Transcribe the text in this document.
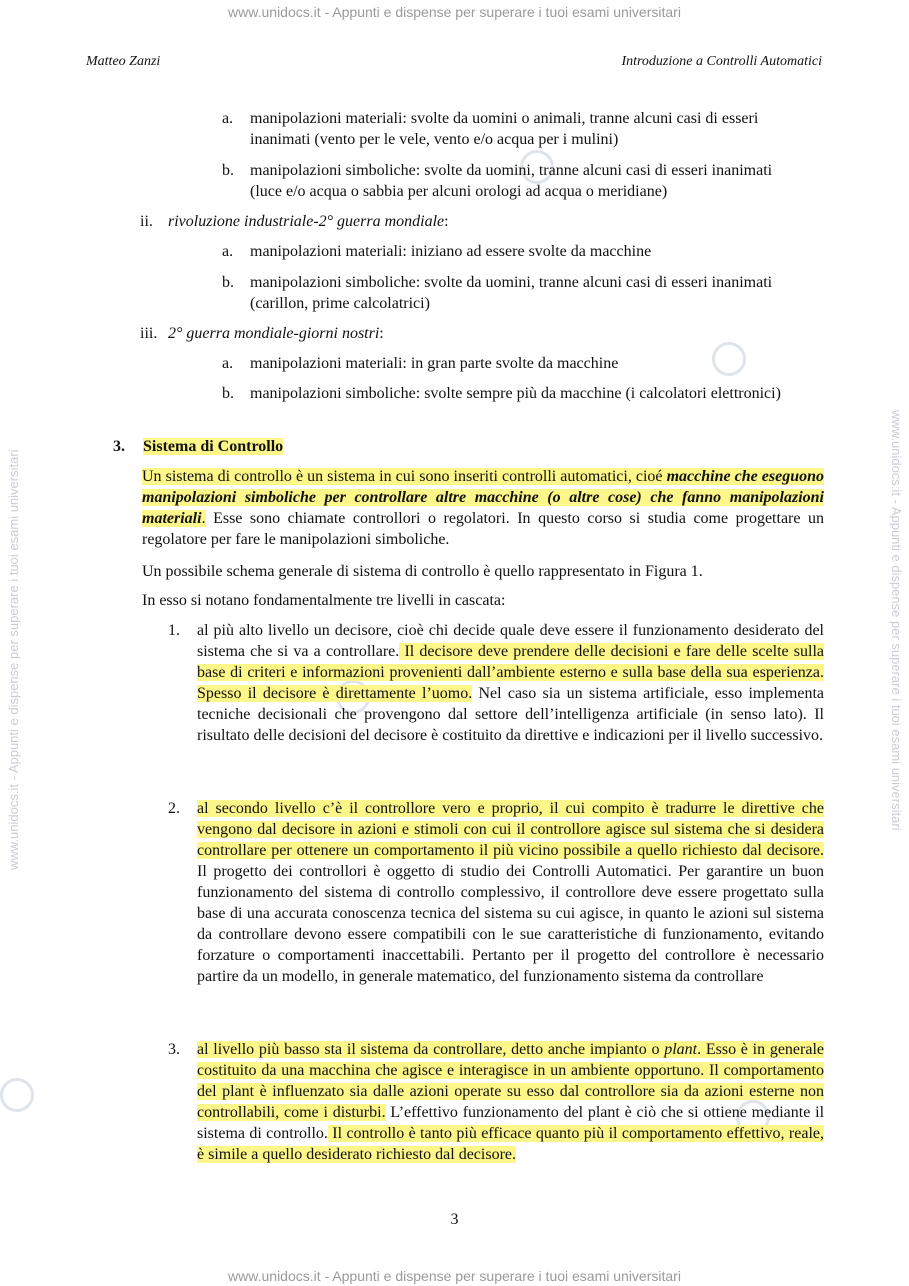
www.unidocs.it - Appunti e dispense per superare i tuoi esami universitari
www.unidocs.it - Appunti e dispense per superare i tuoi esami universitari	www.unidocs.it - Appunti e dispense per superare i tuoi esami universitari
Matteo Zanzi	Introduzione a Controlli Automatici
a. manipolazioni materiali: svolte da uomini o animali, tranne alcuni casi di esseri inanimati (vento per le vele, vento e/o acqua per i mulini)
b. manipolazioni simboliche: svolte da uomini, tranne alcuni casi di esseri inanimati (luce e/o acqua o sabbia per alcuni orologi ad acqua o meridiane)
ii. rivoluzione industriale-2° guerra mondiale:
a. manipolazioni materiali: iniziano ad essere svolte da macchine
b. manipolazioni simboliche: svolte da uomini, tranne alcuni casi di esseri inanimati (carillon, prime calcolatrici)
iii. 2° guerra mondiale-giorni nostri:
a. manipolazioni materiali: in gran parte svolte da macchine
b. manipolazioni simboliche: svolte sempre più da macchine (i calcolatori elettronici)
3. Sistema di Controllo
Un sistema di controllo è un sistema in cui sono inseriti controlli automatici, cioé macchine che eseguono manipolazioni simboliche per controllare altre macchine (o altre cose) che fanno manipolazioni materiali. Esse sono chiamate controllori o regolatori. In questo corso si studia come progettare un regolatore per fare le manipolazioni simboliche.
Un possibile schema generale di sistema di controllo è quello rappresentato in Figura 1.
In esso si notano fondamentalmente tre livelli in cascata:
1. al più alto livello un decisore, cioè chi decide quale deve essere il funzionamento desiderato del sistema che si va a controllare. Il decisore deve prendere delle decisioni e fare delle scelte sulla base di criteri e informazioni provenienti dall’ambiente esterno e sulla base della sua esperienza. Spesso il decisore è direttamente l’uomo. Nel caso sia un sistema artificiale, esso implementa tecniche decisionali che provengono dal settore dell’intelligenza artificiale (in senso lato). Il risultato delle decisioni del decisore è costituito da direttive e indicazioni per il livello successivo.
2. al secondo livello c’è il controllore vero e proprio, il cui compito è tradurre le direttive che vengono dal decisore in azioni e stimoli con cui il controllore agisce sul sistema che si desidera controllare per ottenere un comportamento il più vicino possibile a quello richiesto dal decisore. Il progetto dei controllori è oggetto di studio dei Controlli Automatici. Per garantire un buon funzionamento del sistema di controllo complessivo, il controllore deve essere progettato sulla base di una accurata conoscenza tecnica del sistema su cui agisce, in quanto le azioni sul sistema da controllare devono essere compatibili con le sue caratteristiche di funzionamento, evitando forzature o comportamenti inaccettabili. Pertanto per il progetto del controllore è necessario partire da un modello, in generale matematico, del funzionamento sistema da controllare
3. al livello più basso sta il sistema da controllare, detto anche impianto o plant. Esso è in generale costituito da una macchina che agisce e interagisce in un ambiente opportuno. Il comportamento del plant è influenzato sia dalle azioni operate su esso dal controllore sia da azioni esterne non controllabili, come i disturbi. L’effettivo funzionamento del plant è ciò che si ottiene mediante il sistema di controllo. Il controllo è tanto più efficace quanto più il comportamento effettivo, reale, è simile a quello desiderato richiesto dal decisore.
3
www.unidocs.it - Appunti e dispense per superare i tuoi esami universitari
